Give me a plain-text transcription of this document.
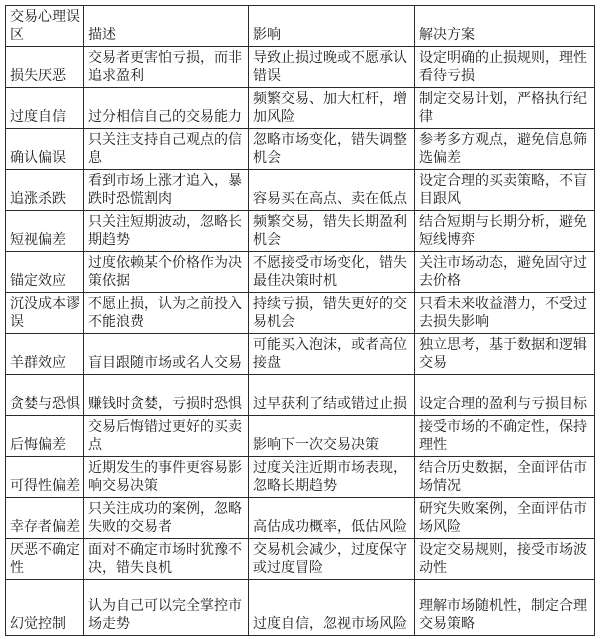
交易心理误区	描述	影响	解决方案
损失厌恶	交易者更害怕亏损，而非追求盈利	导致止损过晚或不愿承认错误	设定明确的止损规则，理性看待亏损
过度自信	过分相信自己的交易能力	频繁交易、加大杠杆，增加风险	制定交易计划，严格执行纪律
确认偏误	只关注支持自己观点的信息	忽略市场变化，错失调整机会	参考多方观点，避免信息筛选偏差
追涨杀跌	看到市场上涨才追入，暴跌时恐慌割肉	容易买在高点、卖在低点	设定合理的买卖策略，不盲目跟风
短视偏差	只关注短期波动，忽略长期趋势	频繁交易，错失长期盈利机会	结合短期与长期分析，避免短线博弈
锚定效应	过度依赖某个价格作为决策依据	不愿接受市场变化，错失最佳决策时机	关注市场动态，避免固守过去价格
沉没成本谬误	不愿止损，认为之前投入不能浪费	持续亏损，错失更好的交易机会	只看未来收益潜力，不受过去损失影响
羊群效应	盲目跟随市场或名人交易	可能买入泡沫，或者高位接盘	独立思考，基于数据和逻辑交易
贪婪与恐惧	赚钱时贪婪，亏损时恐惧	过早获利了结或错过止损	设定合理的盈利与亏损目标
后悔偏差	交易后悔错过更好的买卖点	影响下一次交易决策	接受市场的不确定性，保持理性
可得性偏差	近期发生的事件更容易影响交易决策	过度关注近期市场表现，忽略长期趋势	结合历史数据，全面评估市场情况
幸存者偏差	只关注成功的案例，忽略失败的交易者	高估成功概率，低估风险	研究失败案例，全面评估市场风险
厌恶不确定性	面对不确定市场时犹豫不决，错失良机	交易机会减少，过度保守或过度冒险	设定交易规则，接受市场波动性
幻觉控制	认为自己可以完全掌控市场走势	过度自信，忽视市场风险	理解市场随机性，制定合理交易策略
